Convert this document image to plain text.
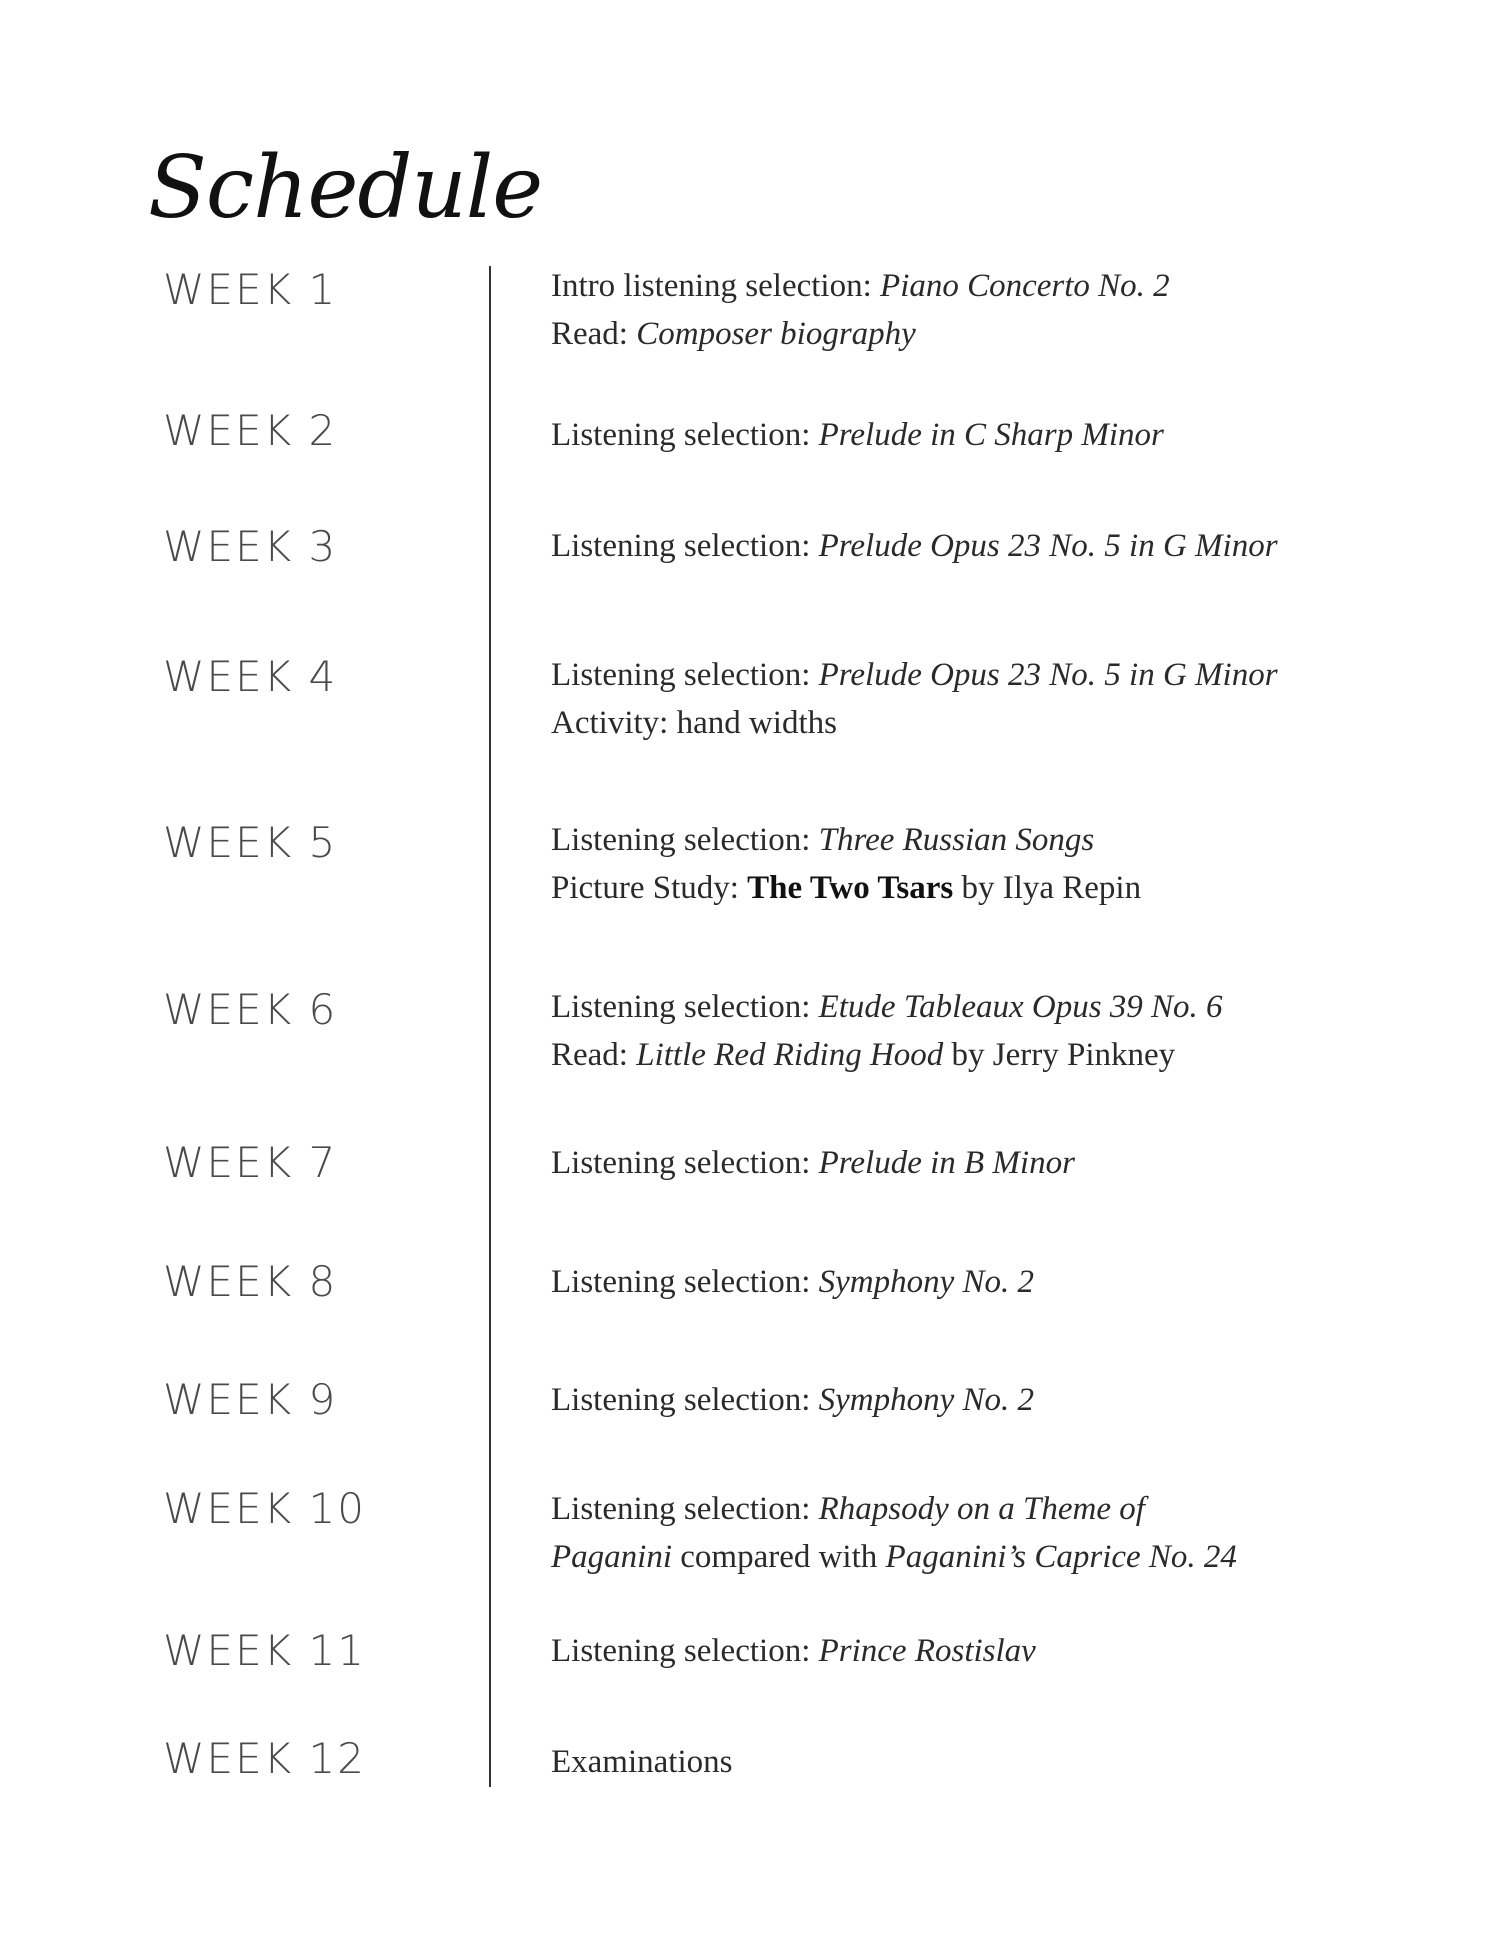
Schedule
WEEK 1	Intro listening selection: Piano Concerto No. 2
Read: Composer biography
WEEK 2	Listening selection: Prelude in C Sharp Minor
WEEK 3	Listening selection: Prelude Opus 23 No. 5 in G Minor
WEEK 4	Listening selection: Prelude Opus 23 No. 5 in G Minor
Activity: hand widths
WEEK 5	Listening selection: Three Russian Songs
Picture Study: The Two Tsars by Ilya Repin
WEEK 6	Listening selection: Etude Tableaux Opus 39 No. 6
Read: Little Red Riding Hood by Jerry Pinkney
WEEK 7	Listening selection: Prelude in B Minor
WEEK 8	Listening selection: Symphony No. 2
WEEK 9	Listening selection: Symphony No. 2
WEEK 10	Listening selection: Rhapsody on a Theme of
Paganini compared with Paganini’s Caprice No. 24
WEEK 11	Listening selection: Prince Rostislav
WEEK 12	Examinations
